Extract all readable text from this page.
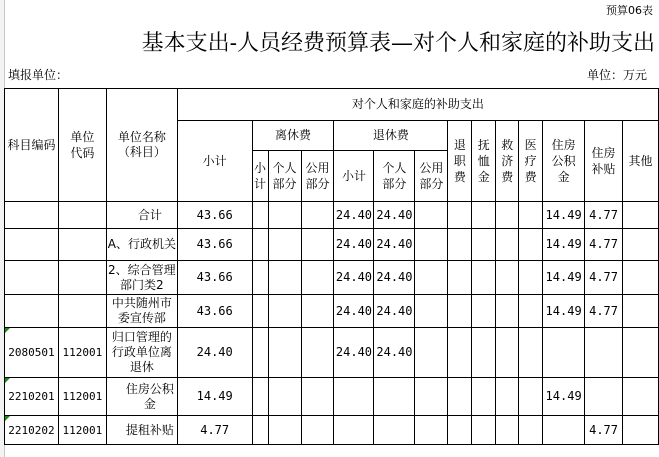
预算06表
基本支出-人员经费预算表—对个人和家庭的补助支出
填报单位：	单位：万元
科目编码	单位代码	单位名称（科目）	对个人和家庭的补助支出													
			小计	离休费			退休费			退职费	抚恤金	救济费	医疗费	住房公积金	住房补贴	其他
				小计	个人部分	公用部分	小计	个人部分	公用部分							
		合计	43.66				24.40	24.40						14.49	4.77	
		A、行政机关	43.66				24.40	24.40						14.49	4.77	
		2、综合管理部门类2	43.66				24.40	24.40						14.49	4.77	
		中共随州市委宣传部	43.66				24.40	24.40						14.49	4.77	

2080501	112001	归口管理的行政单位离退休	24.40				24.40	24.40								

2210201	112001	住房公积金	14.49											14.49		

2210202	112001	提租补贴	4.77												4.77	
